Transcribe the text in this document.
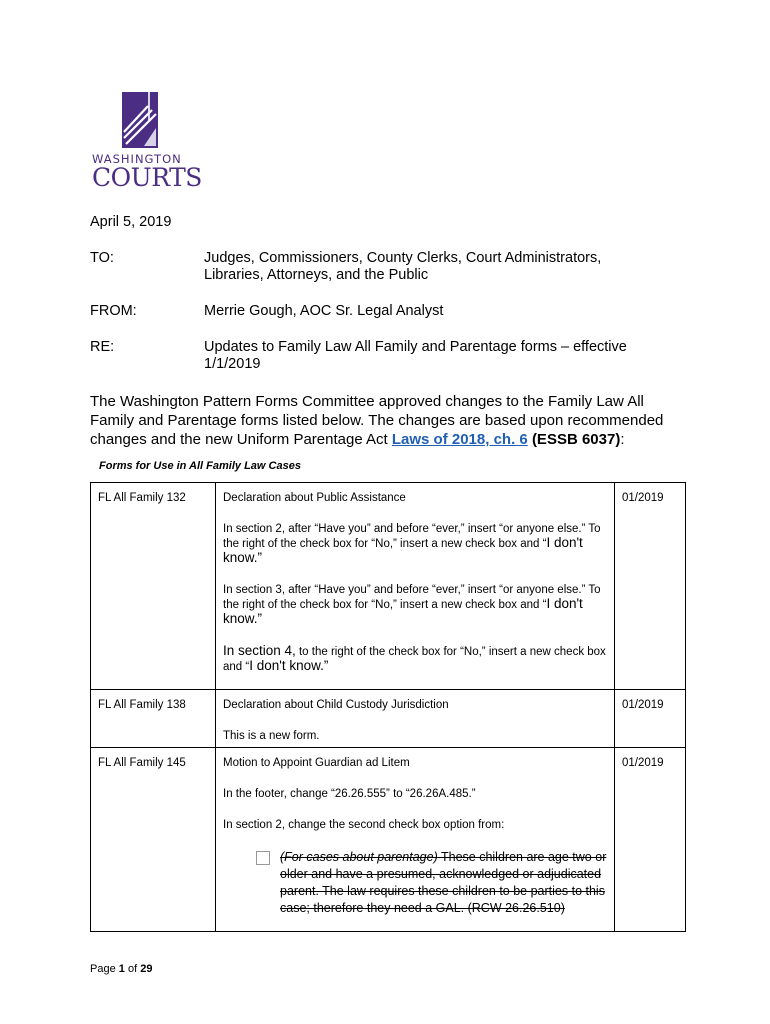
WASHINGTON
COURTS
April 5, 2019
TO:	Judges, Commissioners, County Clerks, Court Administrators, Libraries, Attorneys, and the Public
FROM:	Merrie Gough, AOC Sr. Legal Analyst
RE:	Updates to Family Law All Family and Parentage forms – effective 1/1/2019
The Washington Pattern Forms Committee approved changes to the Family Law All Family and Parentage forms listed below. The changes are based upon recommended changes and the new Uniform Parentage Act Laws of 2018, ch. 6 (ESSB 6037):
Forms for Use in All Family Law Cases
FL All Family 132	Declaration about Public Assistance

In section 2, after “Have you” and before “ever,” insert “or anyone else.” To the right of the check box for “No,” insert a new check box and “I don't know.”

In section 3, after “Have you” and before “ever,” insert “or anyone else.” To the right of the check box for “No,” insert a new check box and “I don't know.”

In section 4, to the right of the check box for “No,” insert a new check box and “I don't know.”	01/2019
FL All Family 138	Declaration about Child Custody Jurisdiction

This is a new form.	01/2019
FL All Family 145	Motion to Appoint Guardian ad Litem

In the footer, change “26.26.555” to “26.26A.485.”

In section 2, change the second check box option from:

(For cases about parentage) These children are age two or older and have a presumed, acknowledged or adjudicated parent. The law requires these children to be parties to this case; therefore they need a GAL. (RCW 26.26.510)	01/2019
Page 1 of 29
